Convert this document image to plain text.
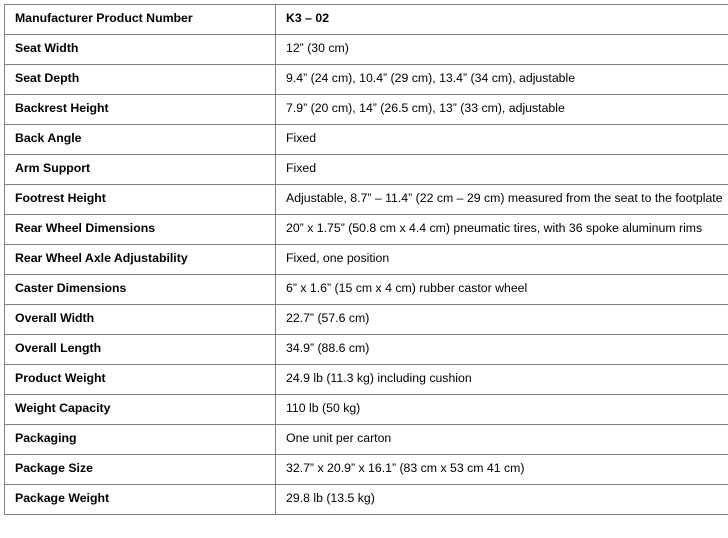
Manufacturer Product Number	K3 – 02
Seat Width	12” (30 cm)
Seat Depth	9.4” (24 cm), 10.4” (29 cm), 13.4” (34 cm), adjustable
Backrest Height	7.9” (20 cm), 14” (26.5 cm), 13” (33 cm), adjustable
Back Angle	Fixed
Arm Support	Fixed
Footrest Height	Adjustable, 8.7” – 11.4” (22 cm – 29 cm) measured from the seat to the footplate
Rear Wheel Dimensions	20” x 1.75” (50.8 cm x 4.4 cm) pneumatic tires, with 36 spoke aluminum rims
Rear Wheel Axle Adjustability	Fixed, one position
Caster Dimensions	6” x 1.6” (15 cm x 4 cm) rubber castor wheel
Overall Width	22.7” (57.6 cm)
Overall Length	34.9” (88.6 cm)
Product Weight	24.9 lb (11.3 kg) including cushion
Weight Capacity	110 lb (50 kg)
Packaging	One unit per carton
Package Size	32.7” x 20.9” x 16.1” (83 cm x 53 cm 41 cm)
Package Weight	29.8 lb (13.5 kg)
